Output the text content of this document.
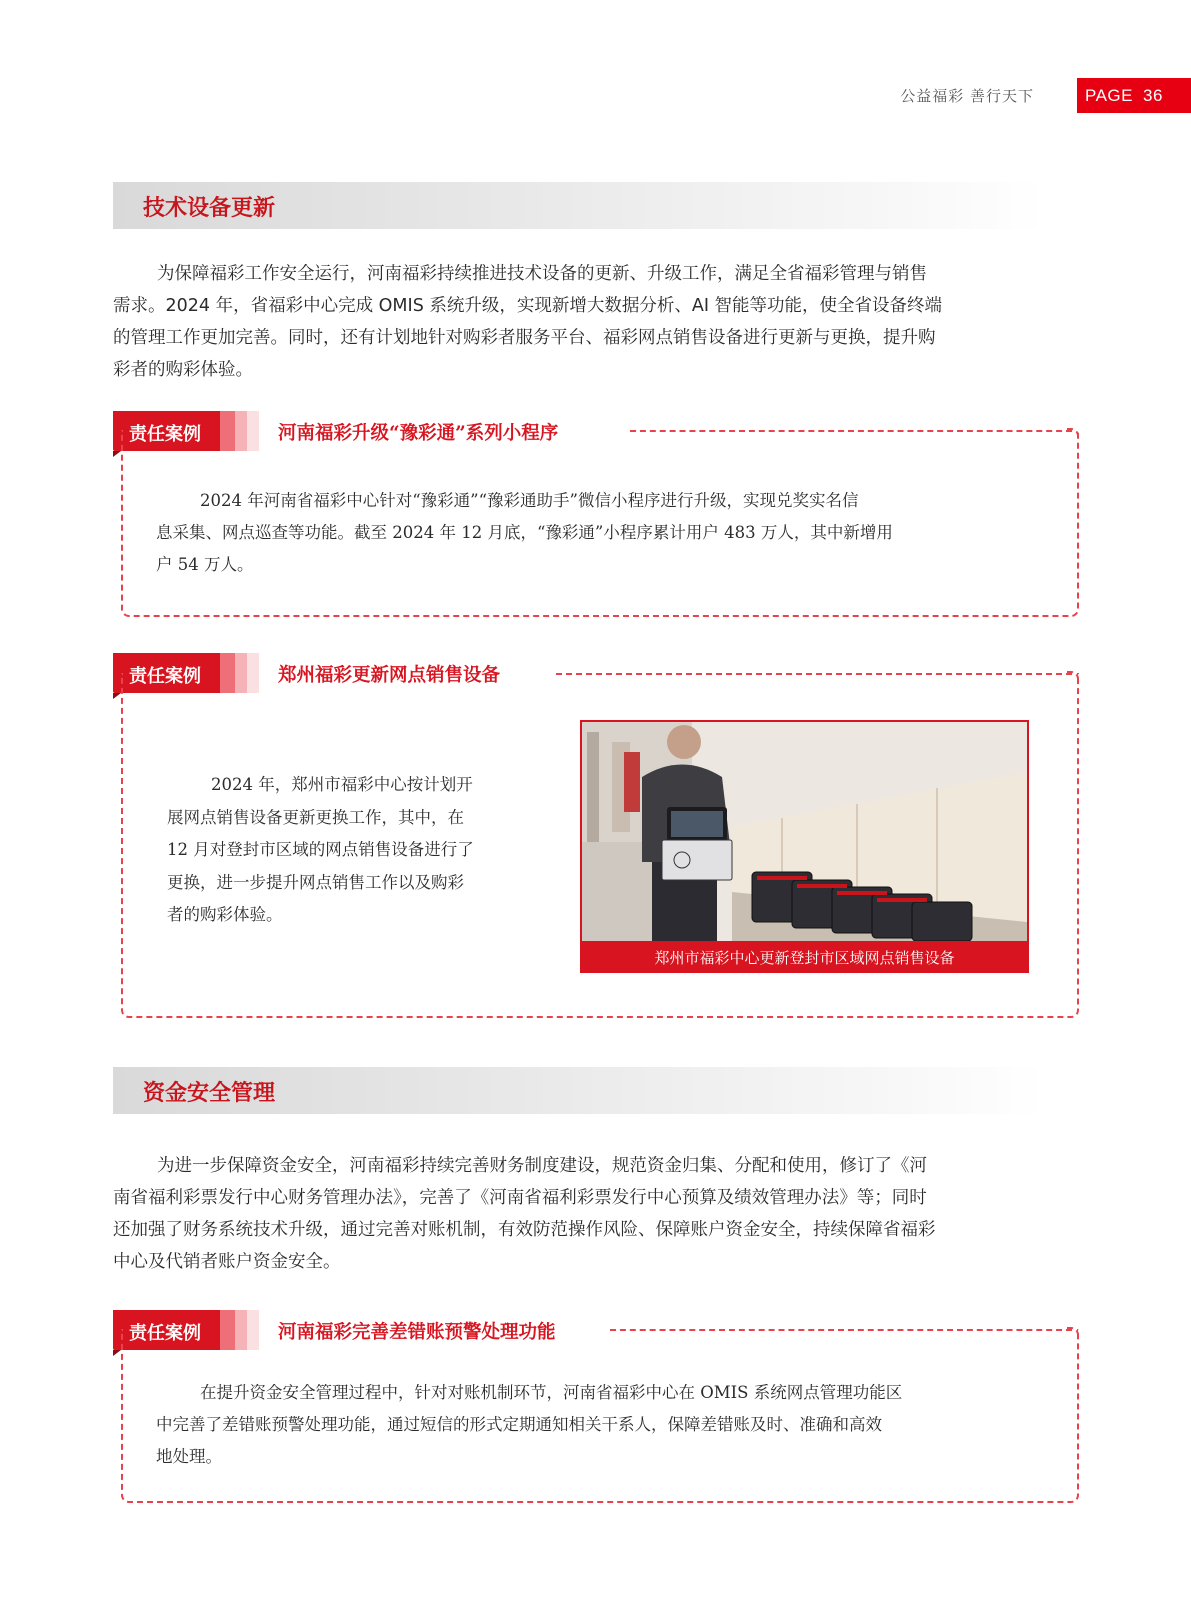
公益福彩 善行天下	PAGE 36
技术设备更新
为保障福彩工作安全运行，河南福彩持续推进技术设备的更新、升级工作，满足全省福彩管理与销售
需求。2024 年，省福彩中心完成 OMIS 系统升级，实现新增大数据分析、AI 智能等功能，使全省设备终端
的管理工作更加完善。同时，还有计划地针对购彩者服务平台、福彩网点销售设备进行更新与更换，提升购
彩者的购彩体验。
责任案例	河南福彩升级“豫彩通”系列小程序
2024 年河南省福彩中心针对“豫彩通”“豫彩通助手”微信小程序进行升级，实现兑奖实名信
息采集、网点巡查等功能。截至 2024 年 12 月底，“豫彩通”小程序累计用户 483 万人，其中新增用
户 54 万人。
责任案例	郑州福彩更新网点销售设备
2024 年，郑州市福彩中心按计划开
展网点销售设备更新更换工作，其中，在
12 月对登封市区域的网点销售设备进行了
更换，进一步提升网点销售工作以及购彩
者的购彩体验。
郑州市福彩中心更新登封市区域网点销售设备
资金安全管理
为进一步保障资金安全，河南福彩持续完善财务制度建设，规范资金归集、分配和使用，修订了《河
南省福利彩票发行中心财务管理办法》，完善了《河南省福利彩票发行中心预算及绩效管理办法》等；同时
还加强了财务系统技术升级，通过完善对账机制，有效防范操作风险、保障账户资金安全，持续保障省福彩
中心及代销者账户资金安全。
责任案例	河南福彩完善差错账预警处理功能
在提升资金安全管理过程中，针对对账机制环节，河南省福彩中心在 OMIS 系统网点管理功能区
中完善了差错账预警处理功能，通过短信的形式定期通知相关干系人，保障差错账及时、准确和高效
地处理。
